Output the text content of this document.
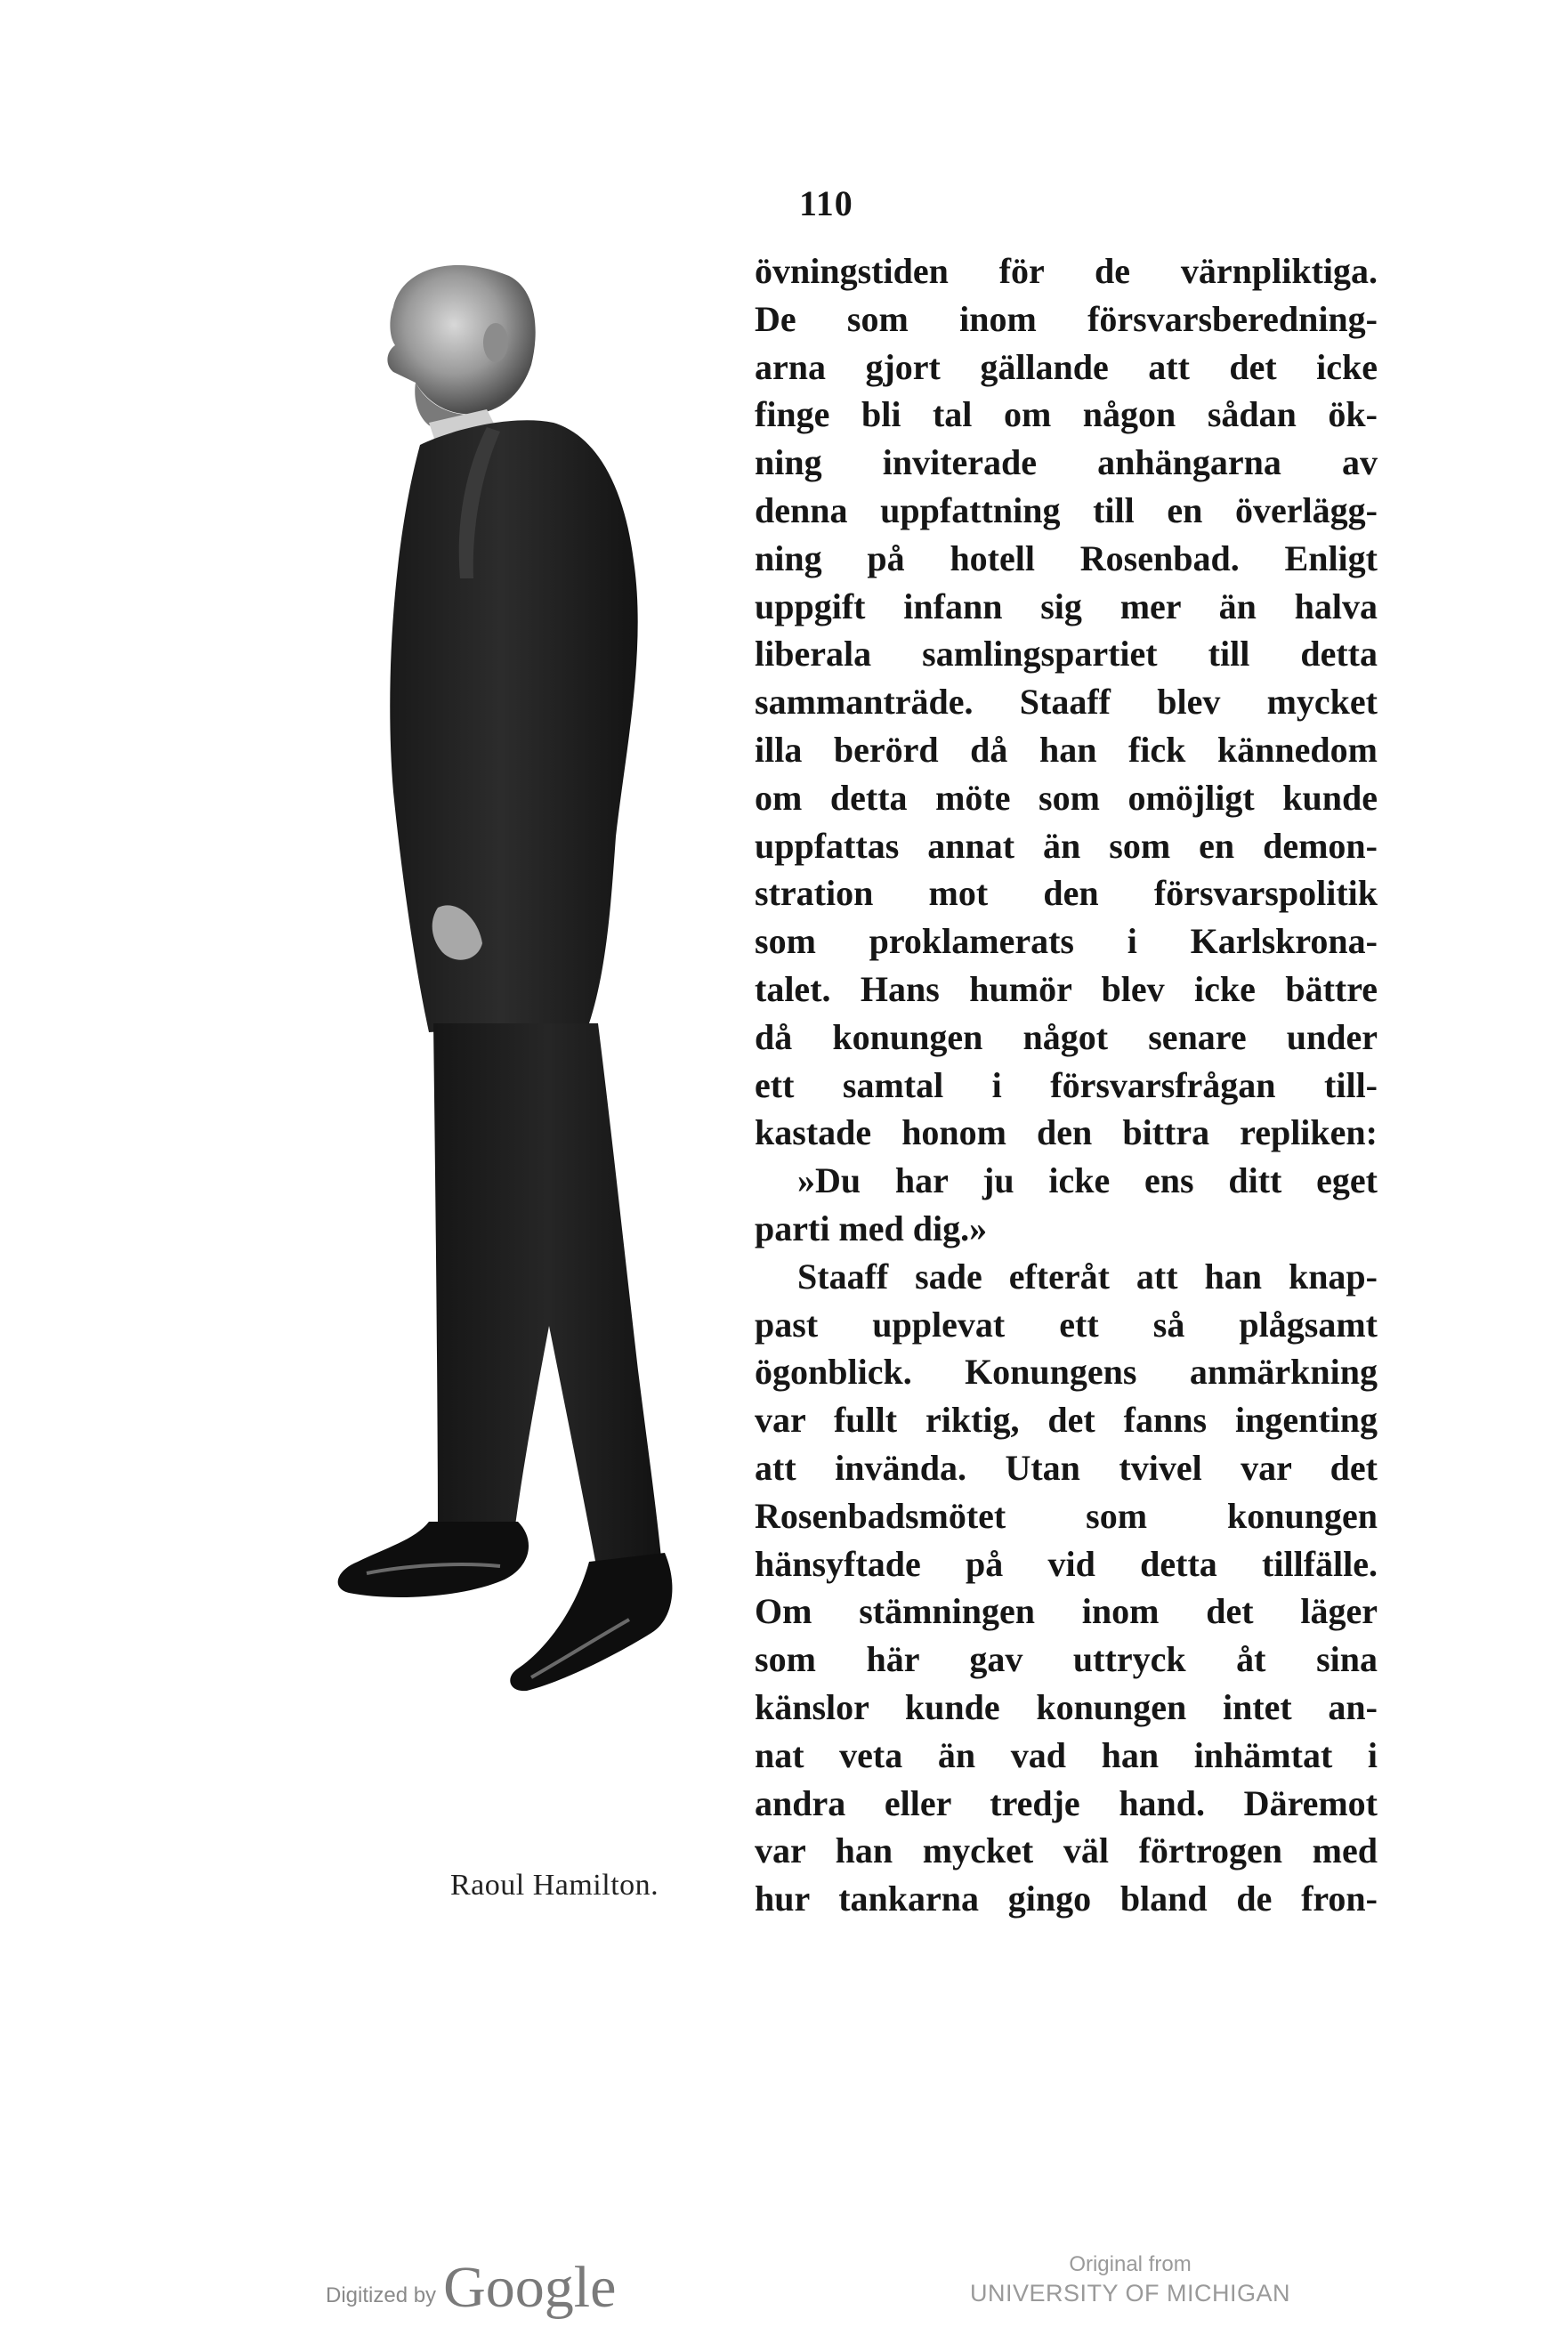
110
Raoul Hamilton.
övningstiden för de värnpliktiga.
De som inom försvarsberedning-
arna gjort gällande att det icke
finge bli tal om någon sådan ök-
ning inviterade anhängarna av
denna uppfattning till en överlägg-
ning på hotell Rosenbad. Enligt
uppgift infann sig mer än halva
liberala samlingspartiet till detta
sammanträde. Staaff blev mycket
illa berörd då han fick kännedom
om detta möte som omöjligt kunde
uppfattas annat än som en demon-
stration mot den försvarspolitik
som proklamerats i Karlskrona-
talet. Hans humör blev icke bättre
då konungen något senare under
ett samtal i försvarsfrågan till-
kastade honom den bittra repliken:
»Du har ju icke ens ditt eget
parti med dig.»
Staaff sade efteråt att han knap-
past upplevat ett så plågsamt
ögonblick. Konungens anmärkning
var fullt riktig, det fanns ingenting
att invända. Utan tvivel var det
Rosenbadsmötet som konungen
hänsyftade på vid detta tillfälle.
Om stämningen inom det läger
som här gav uttryck åt sina
känslor kunde konungen intet an-
nat veta än vad han inhämtat i
andra eller tredje hand. Däremot
var han mycket väl förtrogen med
hur tankarna gingo bland de fron-
Digitized by Google	Original from
UNIVERSITY OF MICHIGAN
